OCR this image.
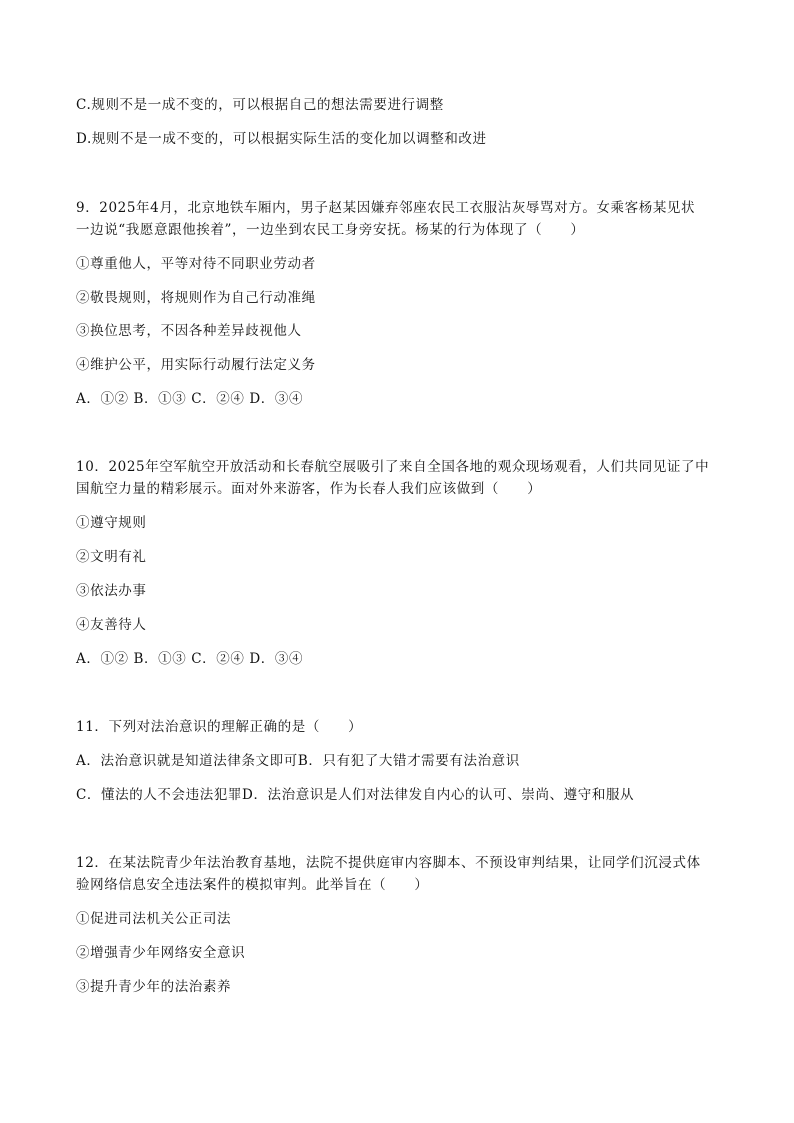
C.规则不是一成不变的，可以根据自己的想法需要进行调整
D.规则不是一成不变的，可以根据实际生活的变化加以调整和改进
9．2025年4月，北京地铁车厢内，男子赵某因嫌弃邻座农民工衣服沾灰辱骂对方。女乘客杨某见状
一边说“我愿意跟他挨着”，一边坐到农民工身旁安抚。杨某的行为体现了（　　）
①尊重他人，平等对待不同职业劳动者
②敬畏规则，将规则作为自己行动准绳
③换位思考，不因各种差异歧视他人
④维护公平，用实际行动履行法定义务
A．①② B．①③ C．②④ D．③④
10．2025年空军航空开放活动和长春航空展吸引了来自全国各地的观众现场观看，人们共同见证了中
国航空力量的精彩展示。面对外来游客，作为长春人我们应该做到（　　）
①遵守规则
②文明有礼
③依法办事
④友善待人
A．①② B．①③ C．②④ D．③④
11．下列对法治意识的理解正确的是（　　）
A．法治意识就是知道法律条文即可B．只有犯了大错才需要有法治意识
C．懂法的人不会违法犯罪D．法治意识是人们对法律发自内心的认可、崇尚、遵守和服从
12．在某法院青少年法治教育基地，法院不提供庭审内容脚本、不预设审判结果，让同学们沉浸式体
验网络信息安全违法案件的模拟审判。此举旨在（　　）
①促进司法机关公正司法
②增强青少年网络安全意识
③提升青少年的法治素养
